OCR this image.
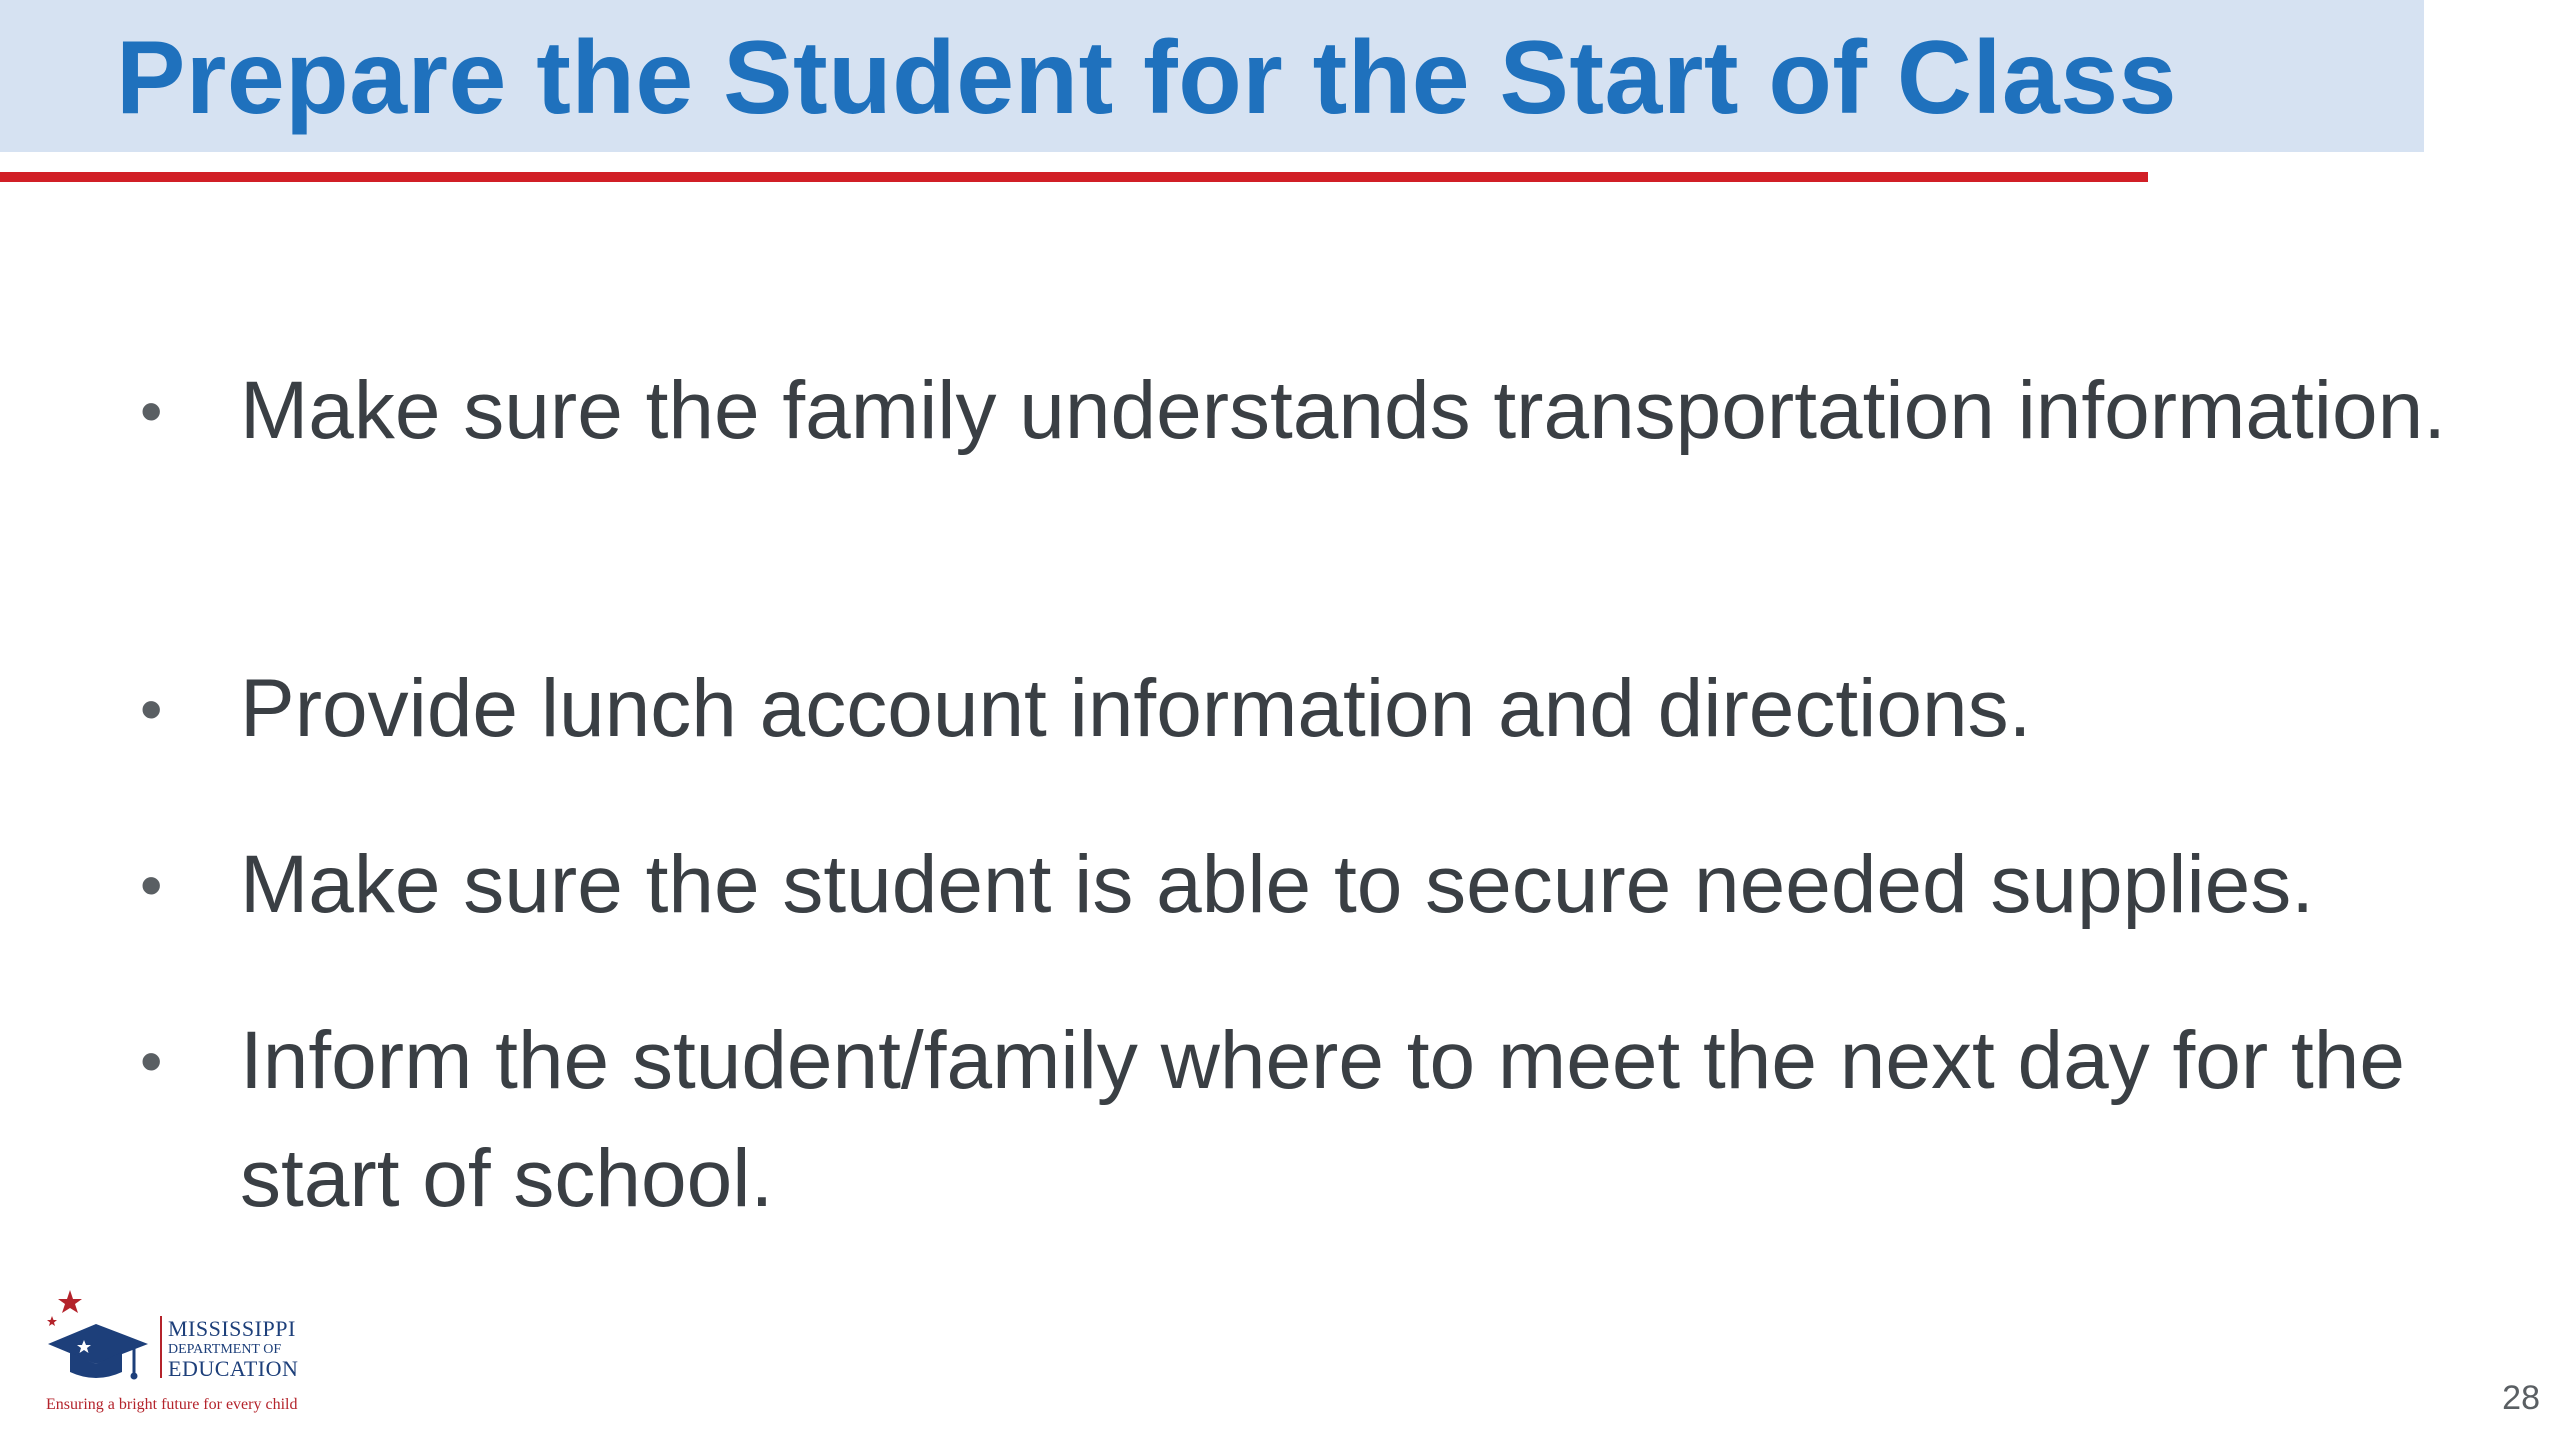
Prepare the Student for the Start of Class
• Make sure the family understands transportation information.
• Provide lunch account information and directions.
• Make sure the student is able to secure needed supplies.
• Inform the student/family where to meet the next day for the start of school.
MISSISSIPPI
DEPARTMENT OF
EDUCATION
Ensuring a bright future for every child	28
